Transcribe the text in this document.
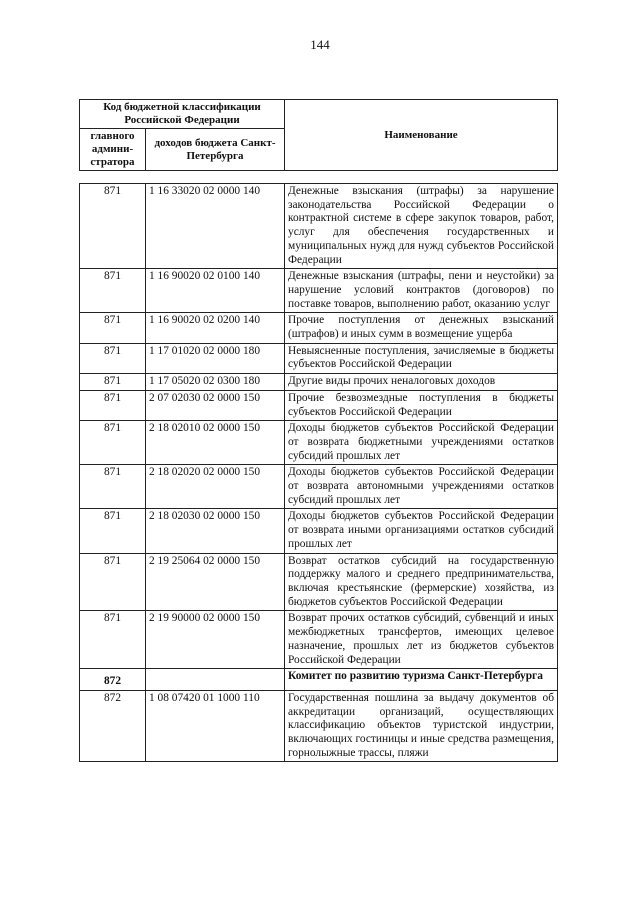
144
Код бюджетной классификации Российской Федерации		Наименование
главного админи-стратора	доходов бюджета Санкт-Петербурга	
871	1 16 33020 02 0000 140	Денежные взыскания (штрафы) за нарушение законодательства Российской Федерации о контрактной системе в сфере закупок товаров, работ, услуг для обеспечения государственных и муниципальных нужд для нужд субъектов Российской Федерации
871	1 16 90020 02 0100 140	Денежные взыскания (штрафы, пени и неустойки) за нарушение условий контрактов (договоров) по поставке товаров, выполнению работ, оказанию услуг
871	1 16 90020 02 0200 140	Прочие поступления от денежных взысканий (штрафов) и иных сумм в возмещение ущерба
871	1 17 01020 02 0000 180	Невыясненные поступления, зачисляемые в бюджеты субъектов Российской Федерации
871	1 17 05020 02 0300 180	Другие виды прочих неналоговых доходов
871	2 07 02030 02 0000 150	Прочие безвозмездные поступления в бюджеты субъектов Российской Федерации
871	2 18 02010 02 0000 150	Доходы бюджетов субъектов Российской Федерации от возврата бюджетными учреждениями остатков субсидий прошлых лет
871	2 18 02020 02 0000 150	Доходы бюджетов субъектов Российской Федерации от возврата автономными учреждениями остатков субсидий прошлых лет
871	2 18 02030 02 0000 150	Доходы бюджетов субъектов Российской Федерации от возврата иными организациями остатков субсидий прошлых лет
871	2 19 25064 02 0000 150	Возврат остатков субсидий на государственную поддержку малого и среднего предпринимательства, включая крестьянские (фермерские) хозяйства, из бюджетов субъектов Российской Федерации
871	2 19 90000 02 0000 150	Возврат прочих остатков субсидий, субвенций и иных межбюджетных трансфертов, имеющих целевое назначение, прошлых лет из бюджетов субъектов Российской Федерации
872		Комитет по развитию туризма Санкт-Петербурга
872	1 08 07420 01 1000 110	Государственная пошлина за выдачу документов об аккредитации организаций, осуществляющих классификацию объектов туристской индустрии, включающих гостиницы и иные средства размещения, горнолыжные трассы, пляжи
